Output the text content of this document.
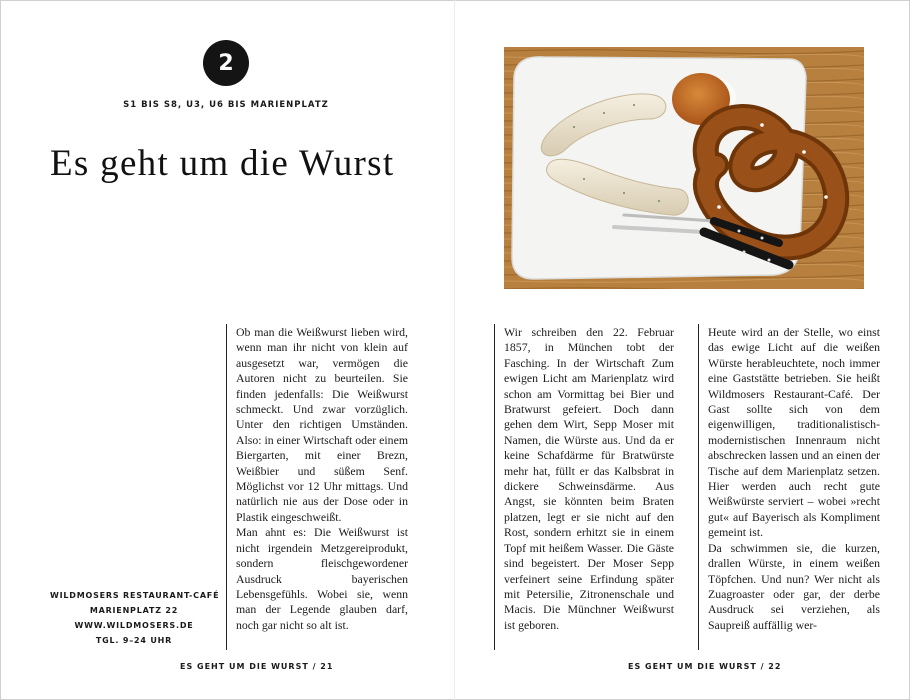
2
S1 BIS S8, U3, U6 BIS MARIENPLATZ
Es geht um die Wurst
WILDMOSERS RESTAURANT-CAFÉ
MARIENPLATZ 22
WWW.WILDMOSERS.DE
TGL. 9–24 UHR

Ob man die Weißwurst lieben wird, wenn man ihr nicht von klein auf ausgesetzt war, vermögen die Autoren nicht zu beurteilen. Sie finden jedenfalls: Die Weißwurst schmeckt. Und zwar vorzüglich. Unter den richtigen Umständen. Also: in einer Wirtschaft oder einem Biergarten, mit einer Brezn, Weißbier und süßem Senf. Möglichst vor 12 Uhr mittags. Und natürlich nie aus der Dose oder in Plastik eingeschweißt.

Man ahnt es: Die Weißwurst ist nicht irgendein Metzgereiprodukt, sondern fleischgewordener Ausdruck bayerischen Lebensgefühls. Wobei sie, wenn man der Legende glauben darf, noch gar nicht so alt ist.

ES GEHT UM DIE WURST / 21

Wir schreiben den 22. Februar 1857, in München tobt der Fasching. In der Wirtschaft Zum ewigen Licht am Marienplatz wird schon am Vormittag bei Bier und Bratwurst gefeiert. Doch dann gehen dem Wirt, Sepp Moser mit Namen, die Würste aus. Und da er keine Schafdärme für Bratwürste mehr hat, füllt er das Kalbsbrat in dickere Schweinsdärme. Aus Angst, sie könnten beim Braten platzen, legt er sie nicht auf den Rost, sondern erhitzt sie in einem Topf mit heißem Wasser. Die Gäste sind begeistert. Der Moser Sepp verfeinert seine Erfindung später mit Petersilie, Zitronenschale und Macis. Die Münchner Weißwurst ist geboren.

Heute wird an der Stelle, wo einst das ewige Licht auf die weißen Würste herableuchtete, noch immer eine Gaststätte betrieben. Sie heißt Wildmosers Restaurant-Café. Der Gast sollte sich von dem eigenwilligen, traditionalistisch-modernistischen Innenraum nicht abschrecken lassen und an einen der Tische auf dem Marienplatz setzen. Hier werden auch recht gute Weißwürste serviert – wobei »recht gut« auf Bayerisch als Kompliment gemeint ist.

Da schwimmen sie, die kurzen, drallen Würste, in einem weißen Töpfchen. Und nun? Wer nicht als Zuagroaster oder gar, der derbe Ausdruck sei verziehen, als Saupreiß auffällig wer-

ES GEHT UM DIE WURST / 22
